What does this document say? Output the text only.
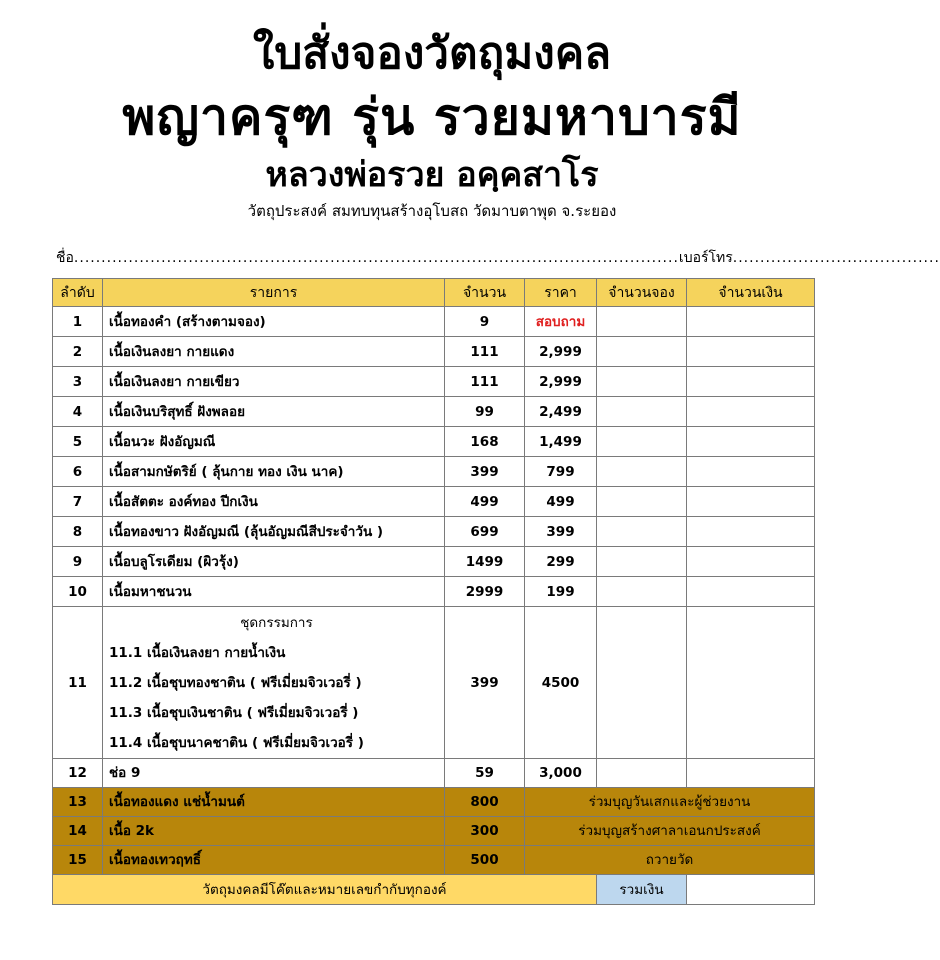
ใบสั่งจองวัตถุมงคล
พญาครุฑ รุ่น รวยมหาบารมี
หลวงพ่อรวย อคฺคสาโร
วัตถุประสงค์ สมทบทุนสร้างอุโบสถ วัดมาบตาพุด จ.ระยอง
ชื่อ...............................................................................................................เบอร์โทร......................................
ลำดับ	รายการ	จำนวน	ราคา	จำนวนจอง	จำนวนเงิน
1	เนื้อทองคำ (สร้างตามจอง)	9	สอบถาม		
2	เนื้อเงินลงยา กายแดง	111	2,999		
3	เนื้อเงินลงยา กายเขียว	111	2,999		
4	เนื้อเงินบริสุทธิ์ ฝังพลอย	99	2,499		
5	เนื้อนวะ ฝังอัญมณี	168	1,499		
6	เนื้อสามกษัตริย์ ( ลุ้นกาย ทอง เงิน นาค)	399	799		
7	เนื้อสัตตะ องค์ทอง ปีกเงิน	499	499		
8	เนื้อทองขาว ฝังอัญมณี (ลุ้นอัญมณีสีประจำวัน )	699	399		
9	เนื้อบลูโรเดียม (ผิวรุ้ง)	1499	299		
10	เนื้อมหาชนวน	2999	199		
11	ชุดกรรมการ
11.1 เนื้อเงินลงยา กายน้ำเงิน
11.2 เนื้อชุบทองชาติน ( ฟรีเมี่ยมจิวเวอรี่ )
11.3 เนื้อชุบเงินชาติน ( ฟรีเมี่ยมจิวเวอรี่ )
11.4 เนื้อชุบนาคชาติน ( ฟรีเมี่ยมจิวเวอรี่ )	399	4500		
12	ช่อ 9	59	3,000		
13	เนื้อทองแดง แช่น้ำมนต์	800	ร่วมบุญวันเสกและผู้ช่วยงาน		
14	เนื้อ 2k	300	ร่วมบุญสร้างศาลาเอนกประสงค์		
15	เนื้อทองเทวฤทธิ์	500	ถวายวัด		
วัตถุมงคลมีโค๊ตและหมายเลขกำกับทุกองค์				รวมเงิน	
